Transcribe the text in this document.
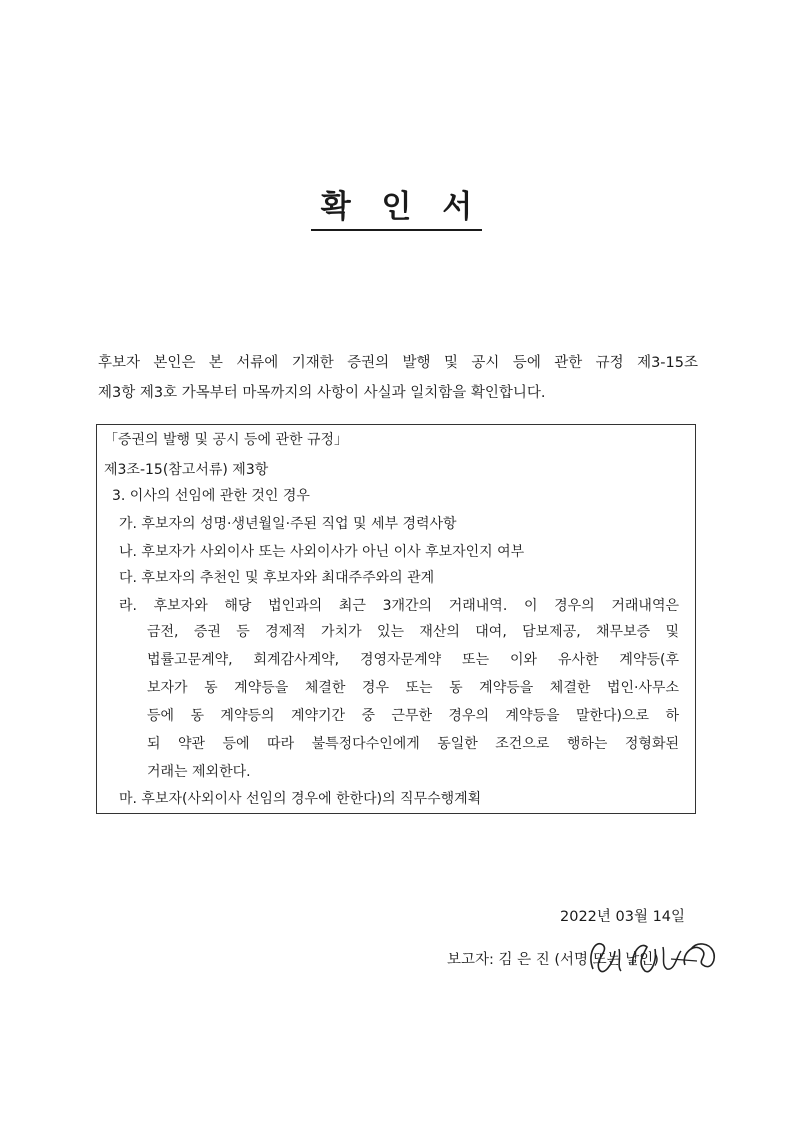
확 인 서
후보자 본인은 본 서류에 기재한 증권의 발행 및 공시 등에 관한 규정 제3-15조
제3항 제3호 가목부터 마목까지의 사항이 사실과 일치함을 확인합니다.
「증권의 발행 및 공시 등에 관한 규정」
제3조-15(참고서류) 제3항
3. 이사의 선임에 관한 것인 경우
가. 후보자의 성명·생년월일·주된 직업 및 세부 경력사항
나. 후보자가 사외이사 또는 사외이사가 아닌 이사 후보자인지 여부
다. 후보자의 추천인 및 후보자와 최대주주와의 관계
라. 후보자와 해당 법인과의 최근 3개간의 거래내역. 이 경우의 거래내역은
금전, 증권 등 경제적 가치가 있는 재산의 대여, 담보제공, 채무보증 및
법률고문계약, 회계감사계약, 경영자문계약 또는 이와 유사한 계약등(후
보자가 동 계약등을 체결한 경우 또는 동 계약등을 체결한 법인·사무소
등에 동 계약등의 계약기간 중 근무한 경우의 계약등을 말한다)으로 하
되 약관 등에 따라 불특정다수인에게 동일한 조건으로 행하는 정형화된
거래는 제외한다.
마. 후보자(사외이사 선임의 경우에 한한다)의 직무수행계획
2022년 03월 14일
보고자: 김 은 진 (서명 또는 날인)
